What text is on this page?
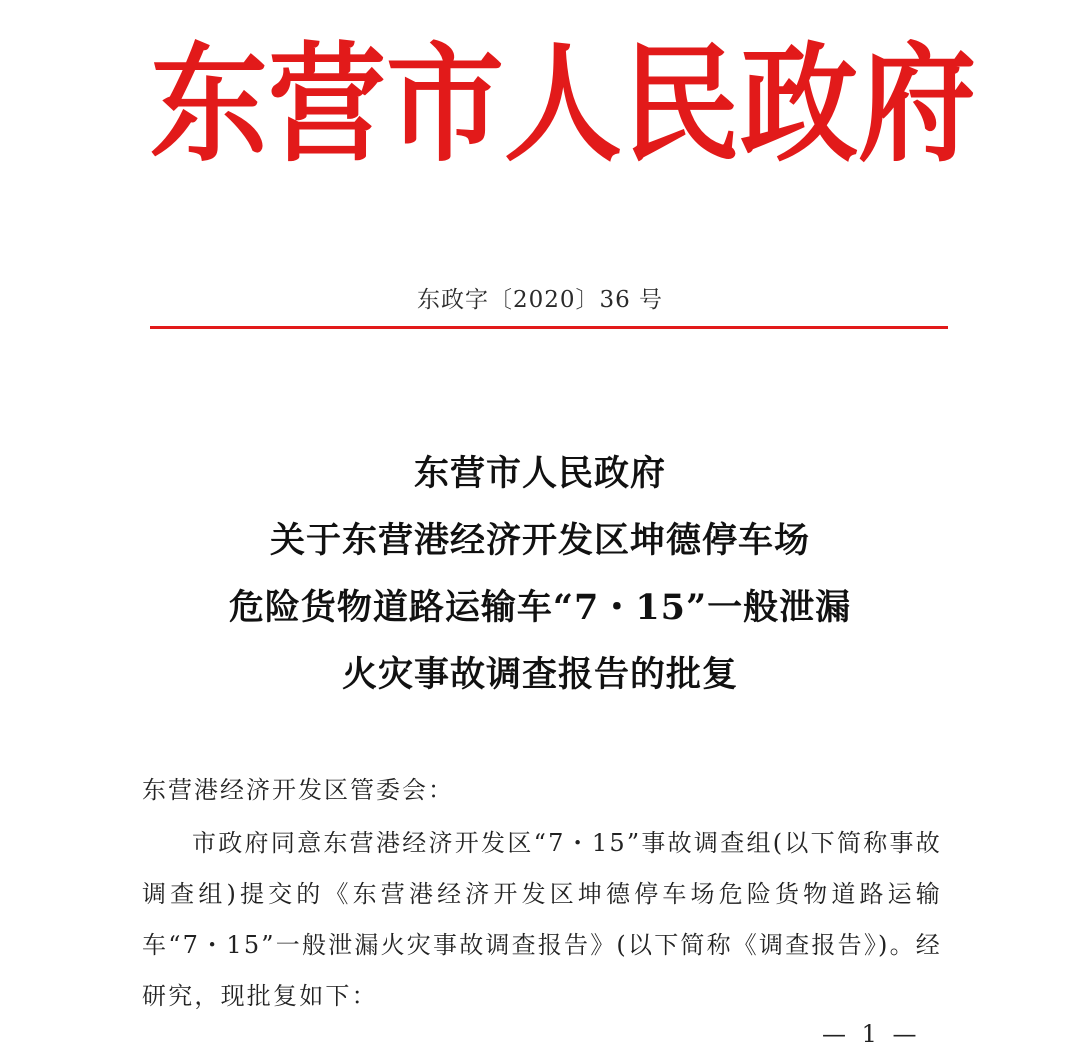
东 营 市 人 民 政 府
东政字〔2020〕36 号
东营市人民政府
关于东营港经济开发区坤德停车场
危险货物道路运输车“7・15”一般泄漏
火灾事故调查报告的批复
东营港经济开发区管委会：

市政府同意东营港经济开发区“7・15”事故调查组(以下简称事故调查组)提交的《东营港经济开发区坤德停车场危险货物道路运输车“7・15”一般泄漏火灾事故调查报告》(以下简称《调查报告》)。经研究，现批复如下：

— 1 —
